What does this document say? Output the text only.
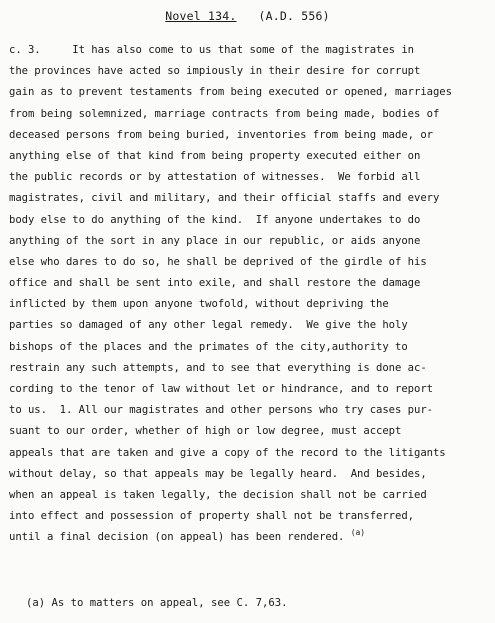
Novel 134. (A.D. 556)
c. 3.     It has also come to us that some of the magistrates in
the provinces have acted so impiously in their desire for corrupt
gain as to prevent testaments from being executed or opened, marriages
from being solemnized, marriage contracts from being made, bodies of
deceased persons from being buried, inventories from being made, or
anything else of that kind from being property executed either on
the public records or by attestation of witnesses.  We forbid all
magistrates, civil and military, and their official staffs and every
body else to do anything of the kind.  If anyone undertakes to do
anything of the sort in any place in our republic, or aids anyone
else who dares to do so, he shall be deprived of the girdle of his
office and shall be sent into exile, and shall restore the damage
inflicted by them upon anyone twofold, without depriving the
parties so damaged of any other legal remedy.  We give the holy
bishops of the places and the primates of the city,authority to
restrain any such attempts, and to see that everything is done ac-
cording to the tenor of law without let or hindrance, and to report
to us.  1. All our magistrates and other persons who try cases pur-
suant to our order, whether of high or low degree, must accept
appeals that are taken and give a copy of the record to the litigants
without delay, so that appeals may be legally heard.  And besides,
when an appeal is taken legally, the decision shall not be carried
into effect and possession of property shall not be transferred,
until a final decision (on appeal) has been rendered. $^{(a)}$
(a) As to matters on appeal, see C. 7,63.
